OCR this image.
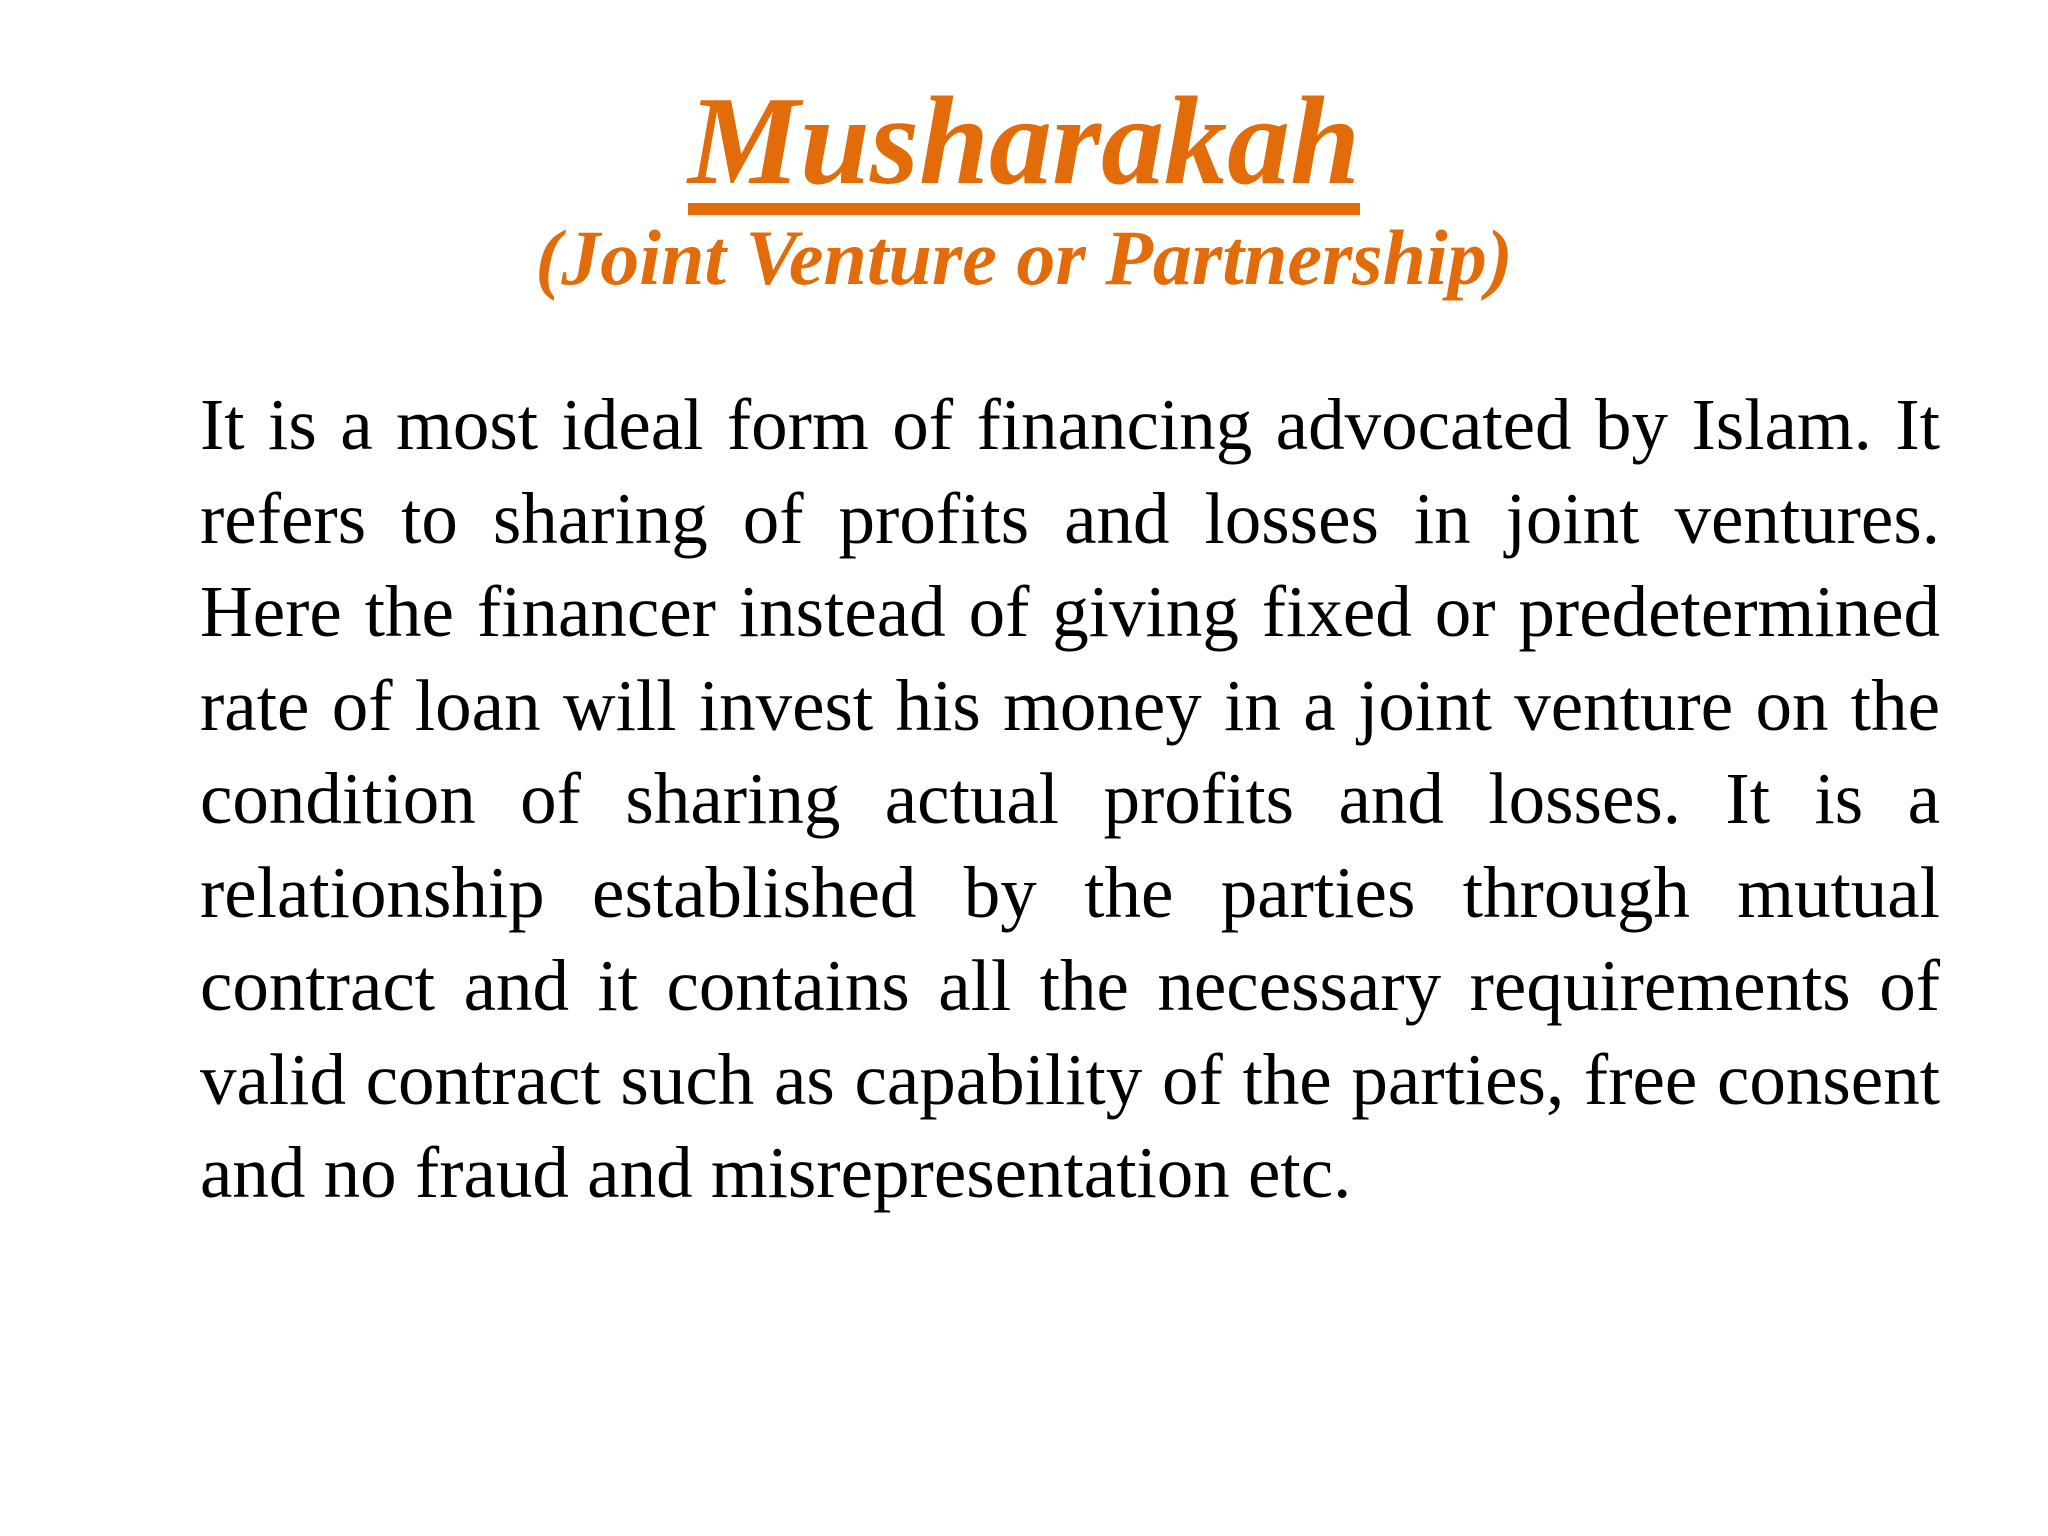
Musharakah
(Joint Venture or Partnership)

It is a most ideal form of financing advocated by Islam. It refers to sharing of profits and losses in joint ventures. Here the financer instead of giving fixed or predetermined rate of loan will invest his money in a joint venture on the condition of sharing actual profits and losses. It is a relationship established by the parties through mutual contract and it contains all the necessary requirements of valid contract such as capability of the parties, free consent and no fraud and misrepresentation etc.
